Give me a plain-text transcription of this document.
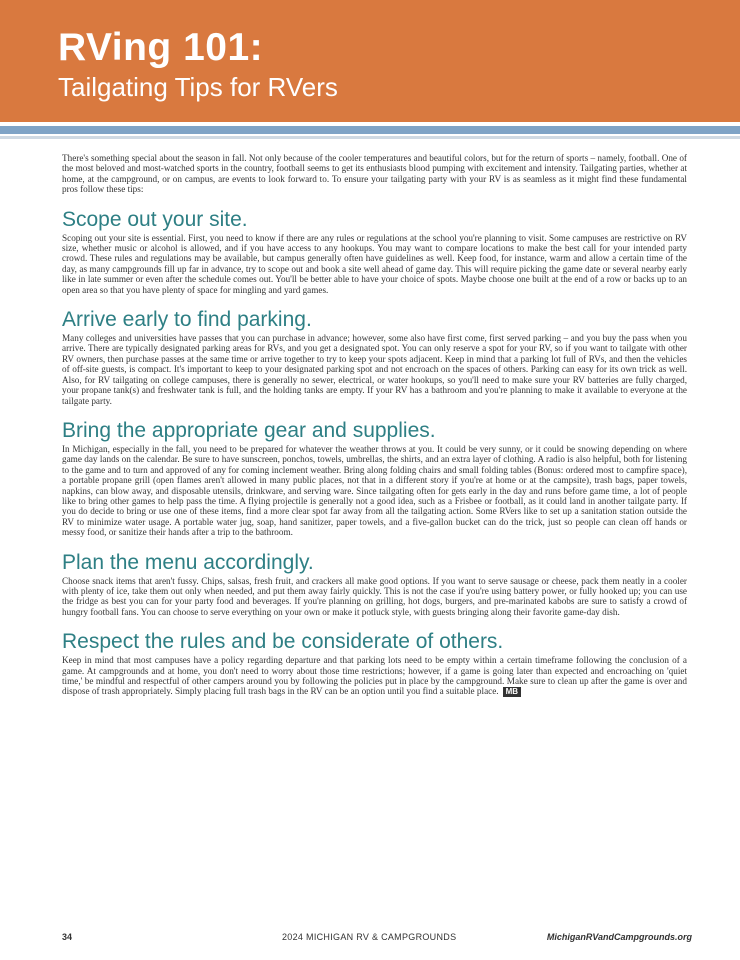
RVing 101:
Tailgating Tips for RVers

There's something special about the season in fall. Not only because of the cooler temperatures and beautiful colors, but for the return of sports – namely, football. One of the most beloved and most-watched sports in the country, football seems to get its enthusiasts blood pumping with excitement and intensity. Tailgating parties, whether at home, at the campground, or on campus, are events to look forward to. To ensure your tailgating party with your RV is as seamless as it might find these fundamental pros follow these tips:

Scope out your site.

Scoping out your site is essential. First, you need to know if there are any rules or regulations at the school you're planning to visit. Some campuses are restrictive on RV size, whether music or alcohol is allowed, and if you have access to any hookups. You may want to compare locations to make the best call for your intended party crowd. These rules and regulations may be available, but campus generally often have guidelines as well. Keep food, for instance, warm and allow a certain time of the day, as many campgrounds fill up far in advance, try to scope out and book a site well ahead of game day. This will require picking the game date or several nearby early like in late summer or even after the schedule comes out. You'll be better able to have your choice of spots. Maybe choose one built at the end of a row or backs up to an open area so that you have plenty of space for mingling and yard games.

Arrive early to find parking.

Many colleges and universities have passes that you can purchase in advance; however, some also have first come, first served parking – and you buy the pass when you arrive. There are typically designated parking areas for RVs, and you get a designated spot. You can only reserve a spot for your RV, so if you want to tailgate with other RV owners, then purchase passes at the same time or arrive together to try to keep your spots adjacent. Keep in mind that a parking lot full of RVs, and then the vehicles of off-site guests, is compact. It's important to keep to your designated parking spot and not encroach on the spaces of others. Parking can easy for its own trick as well. Also, for RV tailgating on college campuses, there is generally no sewer, electrical, or water hookups, so you'll need to make sure your RV batteries are fully charged, your propane tank(s) and freshwater tank is full, and the holding tanks are empty. If your RV has a bathroom and you're planning to make it available to everyone at the tailgate party.

Bring the appropriate gear and supplies.

In Michigan, especially in the fall, you need to be prepared for whatever the weather throws at you. It could be very sunny, or it could be snowing depending on where game day lands on the calendar. Be sure to have sunscreen, ponchos, towels, umbrellas, the shirts, and an extra layer of clothing. A radio is also helpful, both for listening to the game and to turn and approved of any for coming inclement weather. Bring along folding chairs and small folding tables (Bonus: ordered most to campfire space), a portable propane grill (open flames aren't allowed in many public places, not that in a different story if you're at home or at the campsite), trash bags, paper towels, napkins, can blow away, and disposable utensils, drinkware, and serving ware. Since tailgating often for gets early in the day and runs before game time, a lot of people like to bring other games to help pass the time. A flying projectile is generally not a good idea, such as a Frisbee or football, as it could land in another tailgate party. If you do decide to bring or use one of these items, find a more clear spot far away from all the tailgating action. Some RVers like to set up a sanitation station outside the RV to minimize water usage. A portable water jug, soap, hand sanitizer, paper towels, and a five-gallon bucket can do the trick, just so people can clean off hands or messy food, or sanitize their hands after a trip to the bathroom.

Plan the menu accordingly.

Choose snack items that aren't fussy. Chips, salsas, fresh fruit, and crackers all make good options. If you want to serve sausage or cheese, pack them neatly in a cooler with plenty of ice, take them out only when needed, and put them away fairly quickly. This is not the case if you're using battery power, or fully hooked up; you can use the fridge as best you can for your party food and beverages. If you're planning on grilling, hot dogs, burgers, and pre-marinated kabobs are sure to satisfy a crowd of hungry football fans. You can choose to serve everything on your own or make it potluck style, with guests bringing along their favorite game-day dish.

Respect the rules and be considerate of others.

Keep in mind that most campuses have a policy regarding departure and that parking lots need to be empty within a certain timeframe following the conclusion of a game. At campgrounds and at home, you don't need to worry about those time restrictions; however, if a game is going later than expected and encroaching on 'quiet time,' be mindful and respectful of other campers around you by following the policies put in place by the campground. Make sure to clean up after the game is over and dispose of trash appropriately. Simply placing full trash bags in the RV can be an option until you find a suitable place. MB

34	2024 MICHIGAN RV & CAMPGROUNDS	MichiganRVandCampgrounds.org
